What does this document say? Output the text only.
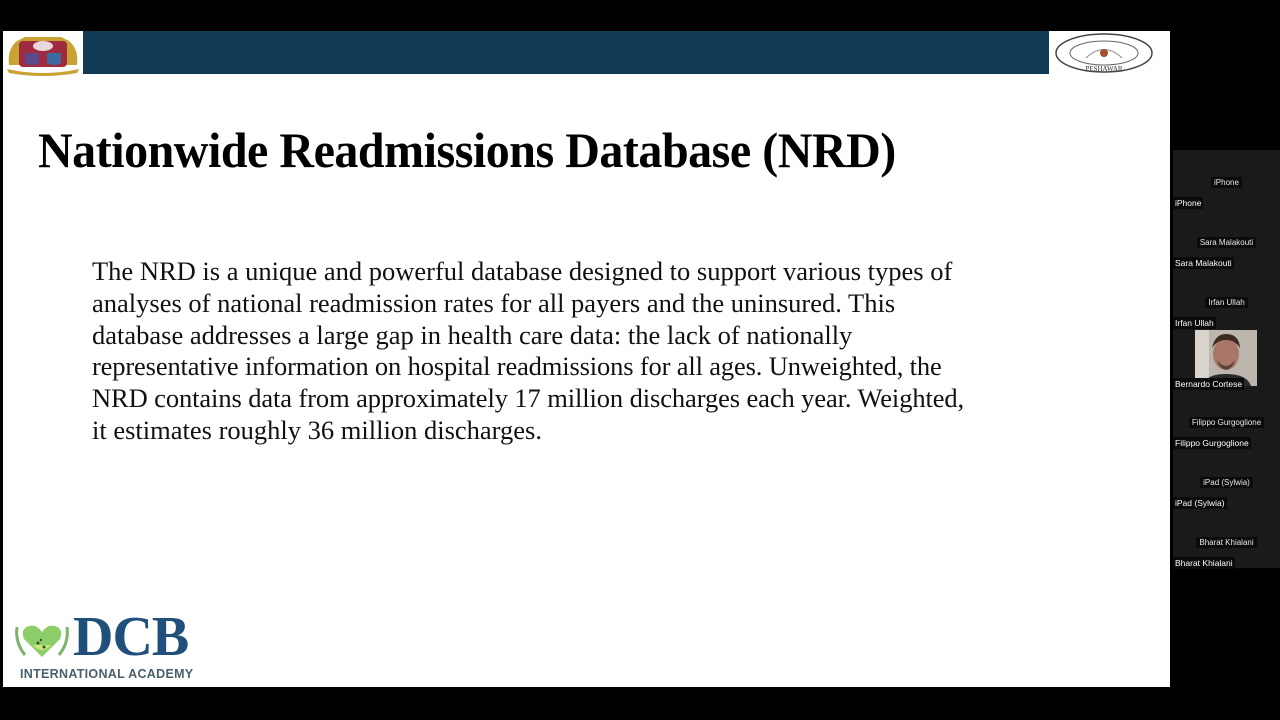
PESHAWAR
Nationwide Readmissions Database (NRD)
The NRD is a unique and powerful database designed to support various types of
analyses of national readmission rates for all payers and the uninsured. This
database addresses a large gap in health care data: the lack of nationally
representative information on hospital readmissions for all ages. Unweighted, the
NRD contains data from approximately 17 million discharges each year. Weighted,
it estimates roughly 36 million discharges.
DCB
INTERNATIONAL ACADEMY
iPhone
iPhone
Sara Malakouti
Sara Malakouti
Irfan Ullah
Irfan Ullah
Bernardo Cortese
Filippo Gurgoglione
Filippo Gurgoglione
iPad (Sylwia)
iPad (Sylwia)
Bharat Khialani
Bharat Khialani
